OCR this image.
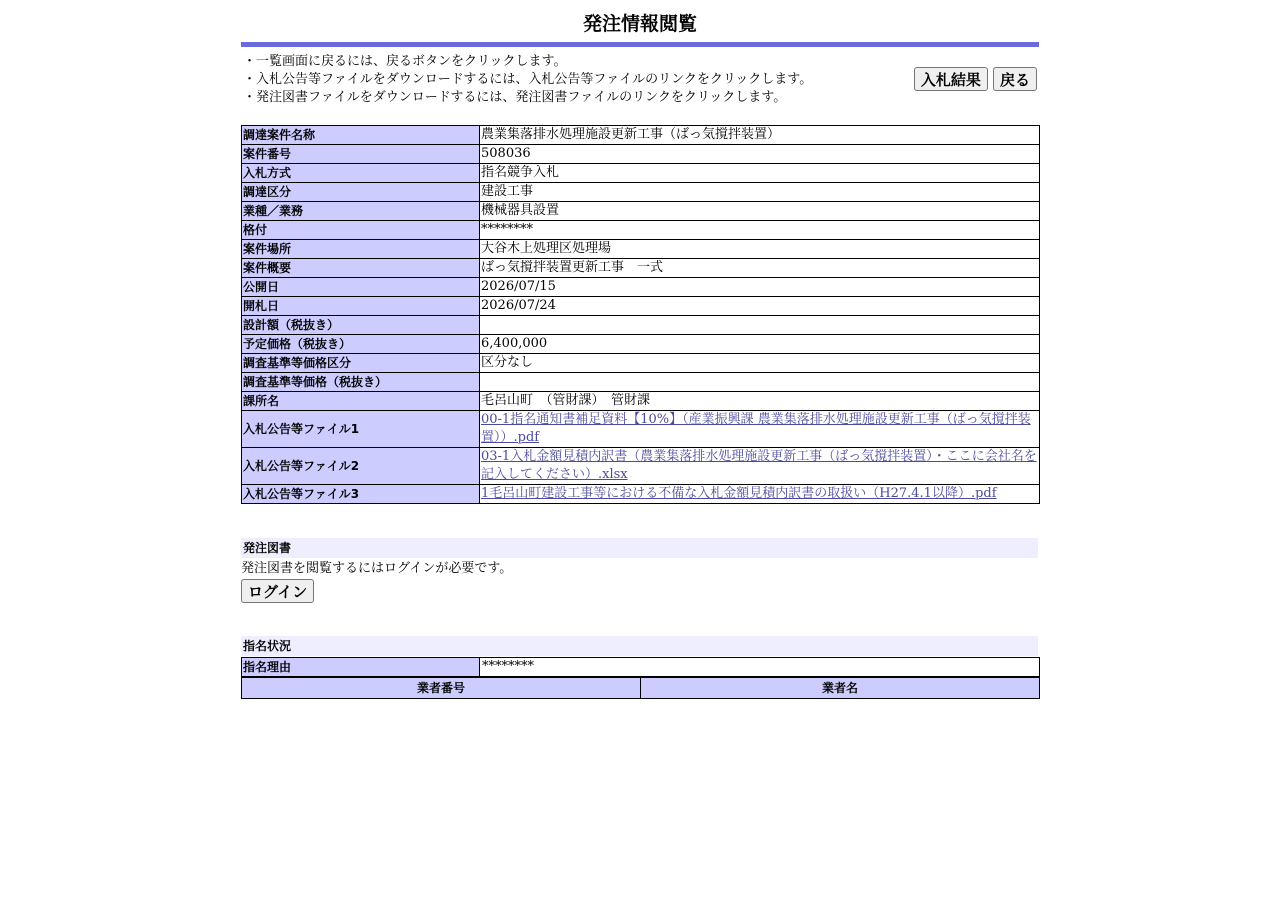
発注情報閲覧
・一覧画面に戻るには、戻るボタンをクリックします。
・入札公告等ファイルをダウンロードするには、入札公告等ファイルのリンクをクリックします。
・発注図書ファイルをダウンロードするには、発注図書ファイルのリンクをクリックします。
入札結果 戻る
調達案件名称	農業集落排水処理施設更新工事（ばっ気撹拌装置）
案件番号	508036
入札方式	指名競争入札
調達区分	建設工事
業種／業務	機械器具設置
格付	********
案件場所	大谷木上処理区処理場
案件概要	ばっ気撹拌装置更新工事　一式
公開日	2026/07/15
開札日	2026/07/24
設計額（税抜き）	
予定価格（税抜き）	6,400,000
調査基準等価格区分	区分なし
調査基準等価格（税抜き）	
課所名	毛呂山町　（管財課）　管財課
入札公告等ファイル1	00-1指名通知書補足資料【10%】（産業振興課 農業集落排水処理施設更新工事（ばっ気撹拌装置））.pdf
入札公告等ファイル2	03-1入札金額見積内訳書（農業集落排水処理施設更新工事（ばっ気撹拌装置）・ここに会社名を記入してください）.xlsx
入札公告等ファイル3	1毛呂山町建設工事等における不備な入札金額見積内訳書の取扱い（H27.4.1以降）.pdf
発注図書
発注図書を閲覧するにはログインが必要です。
ログイン
指名状況
指名理由	********
業者番号	業者名
